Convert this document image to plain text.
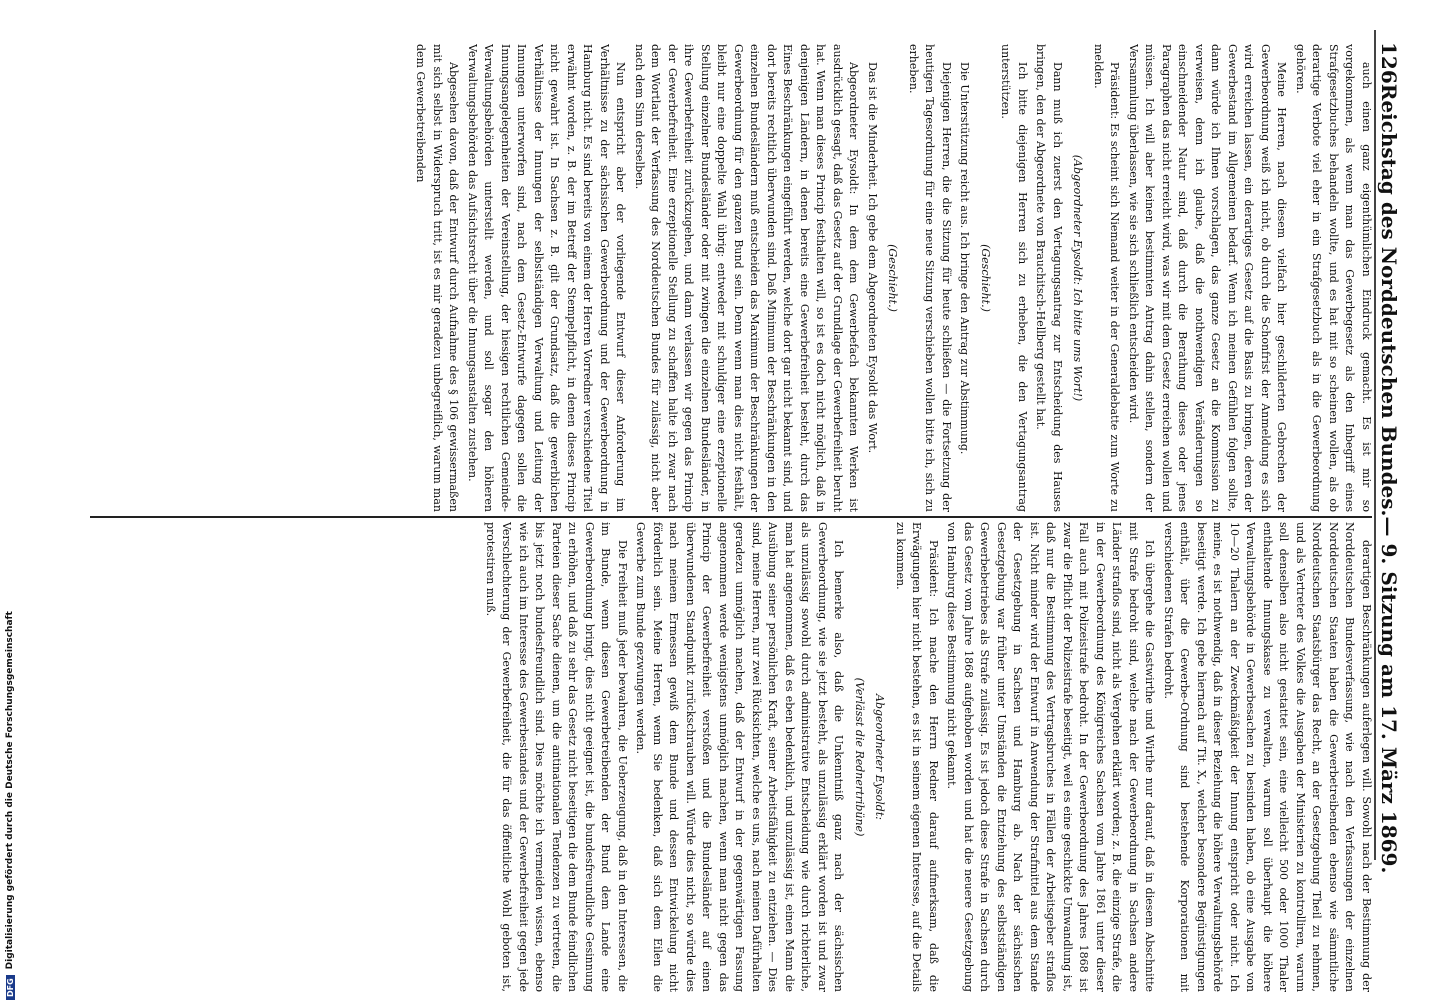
126
Reichstag des Norddeutschen Bundes.
— 9. Sitzung am 17. März 1869.

auch einen ganz eigenthümlichen Eindruck gemacht. Es ist mir so vorgekommen, als wenn man das Gewerbegesetz als den Inbegriff eines Strafgesetzbuches behandeln wollte, und es hat mit so scheinen wollen, als ob derartige Verbote viel eher in ein Strafgesetzbuch als in die Gewerbeordnung gehören.

Meine Herren, nach diesem vielfach hier geschilderten Gebrechen der Gewerbeordnung weiß ich nicht, ob durch die Schonfrist der Anmeldung es sich wird erreichen lassen, ein derartiges Gesetz auf die Basis zu bringen, deren der Gewerbestand im Allgemeinen bedarf. Wenn ich meinen Gefühlen folgen sollte, dann würde ich Ihnen vorschlagen, das ganze Gesetz an die Kommission zu verweisen, denn ich glaube, daß die nothwendigen Veränderungen so einschneidender Natur sind, daß durch die Berathung dieses oder jenes Paragraphen das nicht erreicht wird, was wir mit dem Gesetz erreichen wollen und müssen. Ich will aber keinen bestimmten Antrag dahin stellen, sondern der Versammlung überlassen, wie sie sich schließlich entscheiden wird.

Präsident: Es scheint sich Niemand weiter in der Generaldebatte zum Worte zu melden.

(Abgeordneter Eysoldt: Ich bitte ums Wort!)

Dann muß ich zuerst den Vertagungsantrag zur Entscheidung des Hauses bringen, den der Abgeordnete von Brauchitsch-Hellberg gestellt hat.

Ich bitte diejenigen Herren sich zu erheben, die den Vertagungsantrag unterstützen.

(Geschieht.)

Die Unterstützung reicht aus. Ich bringe den Antrag zur Abstimmung.

Diejenigen Herren, die die Sitzung für heute schließen — die Fortsetzung der heutigen Tagesordnung für eine neue Sitzung verschieben wollen bitte ich, sich zu erheben.

(Geschieht.)

Das ist die Minderheit. Ich gebe dem Abgeordneten Eysoldt das Wort.

Abgeordneter Eysoldt: In dem dem Gewerbefach bekannten Werken ist ausdrücklich gesagt, daß das Gesetz auf der Grundlage der Gewerbefreiheit beruht hat. Wenn man dieses Princip festhalten will, so ist es doch nicht möglich, daß in denjenigen Ländern, in denen bereits eine Gewerbefreiheit besteht, durch das Eines Beschränkungen eingeführt werden, welche dort gar nicht bekannt sind, und dort bereits rechtlich überwunden sind. Daß Minimum der Beschränkungen in den einzelnen Bundesländern muß entscheiden das Maximum der Beschränkungen der Gewerbeordnung für den ganzen Bund sein. Denn wenn man dies nicht festhält, bleibt nur eine doppelte Wahl übrig: entweder mit schuldiger eine erzeptionelle Stellung einzelner Bundesländer oder mit zwingen die einzelnen Bundesländer, in ihre Gewerbefreiheit zurückzugehen, und dann verlassen wir gegen das Princip der Gewerbefreiheit. Eine erzeptionelle Stellung zu schaffen halte ich zwar nach dem Wortlaut der Verfassung des Norddeutschen Bundes für zulässig, nicht aber nach dem Sinn derselben.

Nun entspricht aber der vorliegende Entwurf dieser Anforderung im Verhältnisse zu der sächsischen Gewerbeordnung und der Gewerbeordnung in Hamburg nicht. Es sind bereits von einem der Herren Vorredner verschiedene Titel erwähnt worden, z. B. der im Betreff der Stempelpflicht, in denen dieses Princip nicht gewahrt ist. In Sachsen z. B. gilt der Grundsatz, daß die gewerblichen Verhältnisse der Innungen der selbstständigen Verwaltung und Leitung der Innungen unterworfen sind, nach dem Gesetz-Entwurfe dagegen sollen die Innungsangelegenheiten der Vereinstellung, der hiesigen rechtlichen Gemeinde-Verwaltungsbehörden unterstellt werden, und soll sogar den höheren Verwaltungsbehörden das Aufsichtsrecht über die Innungsanstalten zustehen.

Abgesehen davon, daß der Entwurf durch Aufnahme des § 106 gewissermaßen mit sich selbst in Widerspruch tritt, ist es mir geradezu unbegreiflich, warum man dem Gewerbetreibenden

derartigen Beschränkungen auferlegen will. Sowohl nach der Bestimmung der Norddeutschen Bundesverfassung, wie nach den Verfassungen der einzelnen Norddeutschen Staaten haben die Gewerbetreibenden ebenso wie sämmtliche Norddeutschen Staatsbürger das Recht, an der Gesetzgebung Theil zu nehmen, und als Vertreter des Volkes die Ausgaben der Ministerien zu kontrolliren, warum soll denselben also nicht gestattet sein, eine vielleicht 500 oder 1000 Thaler enthaltende Innungskasse zu verwalten, warum soll überhaupt die höhere Verwaltungsbehörde in Gewerbesachen zu besinden haben, ob eine Ausgabe von 10—20 Thalern an der Zweckmäßigkeit der Innung entspricht oder nicht. Ich meine, es ist nothwendig, daß in dieser Beziehung die höhere Verwaltungsbehörde beseitigt werde. Ich gebe hiernach auf Tit. X., welcher besondere Begünstigungen enthält, über die Gewerbe-Ordnung sind bestehende Korporationen mit verschiedenen Strafen bedroht.

Ich übergehe die Gastwirthe und Wirthe nur darauf, daß in diesem Abschnitte mit Strafe bedroht sind, welche nach der Gewerbeordnung in Sachsen andere Länder straflos sind, nicht als Vergehen erklärt worden; z. B. die einzige Strafe, die in der Gewerbeordnung des Königreiches Sachsen vom Jahre 1861 unter dieser Fall auch mit Polizeistrafe bedroht. In der Gewerbeordnung des Jahres 1868 ist zwar die Pflicht der Polizeistrafe beseitigt, weil es eine geschickte Umwandlung ist, daß nur die Bestimmung des Vertragsbruches in Fällen der Arbeitsgeber straflos ist. Nicht minder wird der Entwurf in Anwendung der Strafmittel aus dem Stande der Gesetzgebung in Sachsen und Hamburg ab. Nach der sächsischen Gesetzgebung war früher unter Umständen die Entziehung des selbstständigen Gewerbebetriebes als Strafe zulässig. Es ist jedoch diese Strafe in Sachsen durch das Gesetz vom Jahre 1868 aufgehoben worden und hat die neuere Gesetzgebung von Hamburg diese Bestimmung nicht gekannt.

Präsident: Ich mache den Herrn Redner darauf aufmerksam, daß die Erwägungen hier nicht bestehen, es ist in seinem eigenen Interesse, auf die Details zu kommen.

Abgeordneter Eysoldt:

(Verlässt die Rednertribüne)

Ich bemerke also, daß die Unkenntniß ganz nach der sächsischen Gewerbeordnung, wie sie jetzt besteht, als unzulässig erklärt worden ist und zwar als unzulässig sowohl durch administrative Entscheidung wie durch richterliche, man hat angenommen, daß es eben bedenklich, und unzulässig ist, einen Mann die Ausübung seiner persönlichen Kraft, seiner Arbeitsfähigkeit zu entziehen. — Dies sind, meine Herren, nur zwei Rücksichten, welche es uns, nach meinen Dafürhalten geradezu unmöglich machen, daß der Entwurf in der gegenwärtigen Fassung angenommen werde wenigstens unmöglich machen, wenn man nicht gegen das Princip der Gewerbefreiheit verstoßen und die Bundesländer auf einen überwundenen Standpunkt zurückschrauben will. Würde dies nicht, so würde dies nach meinem Ermessen gewiß dem Bunde und dessen Entwickelung nicht förderlich sein. Meine Herren, wenn Sie bedenken, daß sich dem Eilen die Gewerbe zum Bunde gezwungen werden.

Die Freiheit muß jeder bewahren, die Ueberzeugung, daß in den Interessen, die im Bunde, wenn diesen Gewerbetreibenden der Bund dem Lande eine Gewerbeordnung bringt, dies nicht geeignet ist, die bundesfreundliche Gesinnung zu erhöhen, und daß zu sehr das Gesetz nicht beseitigen die dem Bunde feindlichen Parteien dieser Sache dienen, um die antinationalen Tendenzen zu vertreten, die bis jetzt noch bundesfreundlich sind. Dies möchte ich vermeiden wissen, ebenso wie ich auch im Interesse des Gewerbestandes und der Gewerbefreiheit gegen jede Verschlechterung der Gewerbefreiheit, die für das öffentliche Wohl geboten ist, protestiren muß.

DFG
Digitalisierung gefördert durch die Deutsche Forschungsgemeinschaft
